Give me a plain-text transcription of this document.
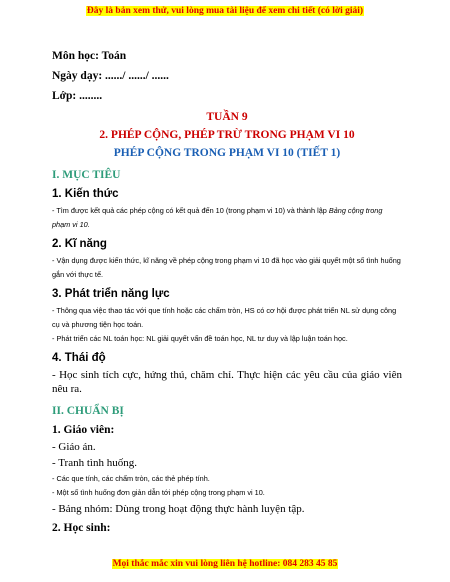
Đây là bản xem thử, vui lòng mua tài liệu để xem chi tiết (có lời giải)

Môn học: Toán

Ngày dạy: ....../ ....../ ......

Lớp: ........

TUẦN 9

2. PHÉP CỘNG, PHÉP TRỪ TRONG PHẠM VI 10

PHÉP CỘNG TRONG PHẠM VI 10 (TIẾT 1)

I. MỤC TIÊU

1. Kiến thức

- Tìm được kết quả các phép cộng có kết quả đến 10 (trong phạm vi 10) và thành lập Bảng cộng trong phạm vi 10.

2. Kĩ năng

- Vận dụng được kiến thức, kĩ năng về phép cộng trong phạm vi 10 đã học vào giải quyết một số tình huống gắn với thực tế.

3. Phát triển năng lực

- Thông qua việc thao tác với que tính hoặc các chấm tròn, HS có cơ hội được phát triển NL sử dụng công cụ và phương tiện học toán.

- Phát triển các NL toán học: NL giải quyết vấn đề toán học, NL tư duy và lập luận toán học.

4. Thái độ

- Học sinh tích cực, hứng thú, chăm chỉ. Thực hiện các yêu cầu của giáo viên nêu ra.

II. CHUẨN BỊ

1. Giáo viên:

- Giáo án.

- Tranh tình huống.

- Các que tính, các chấm tròn, các thẻ phép tính.

- Một số tình huống đơn giản dẫn tới phép cộng trong phạm vi 10.

- Bảng nhóm: Dùng trong hoạt động thực hành luyện tập.

2. Học sinh:

Mọi thắc mắc xin vui lòng liên hệ hotline: 084 283 45 85
